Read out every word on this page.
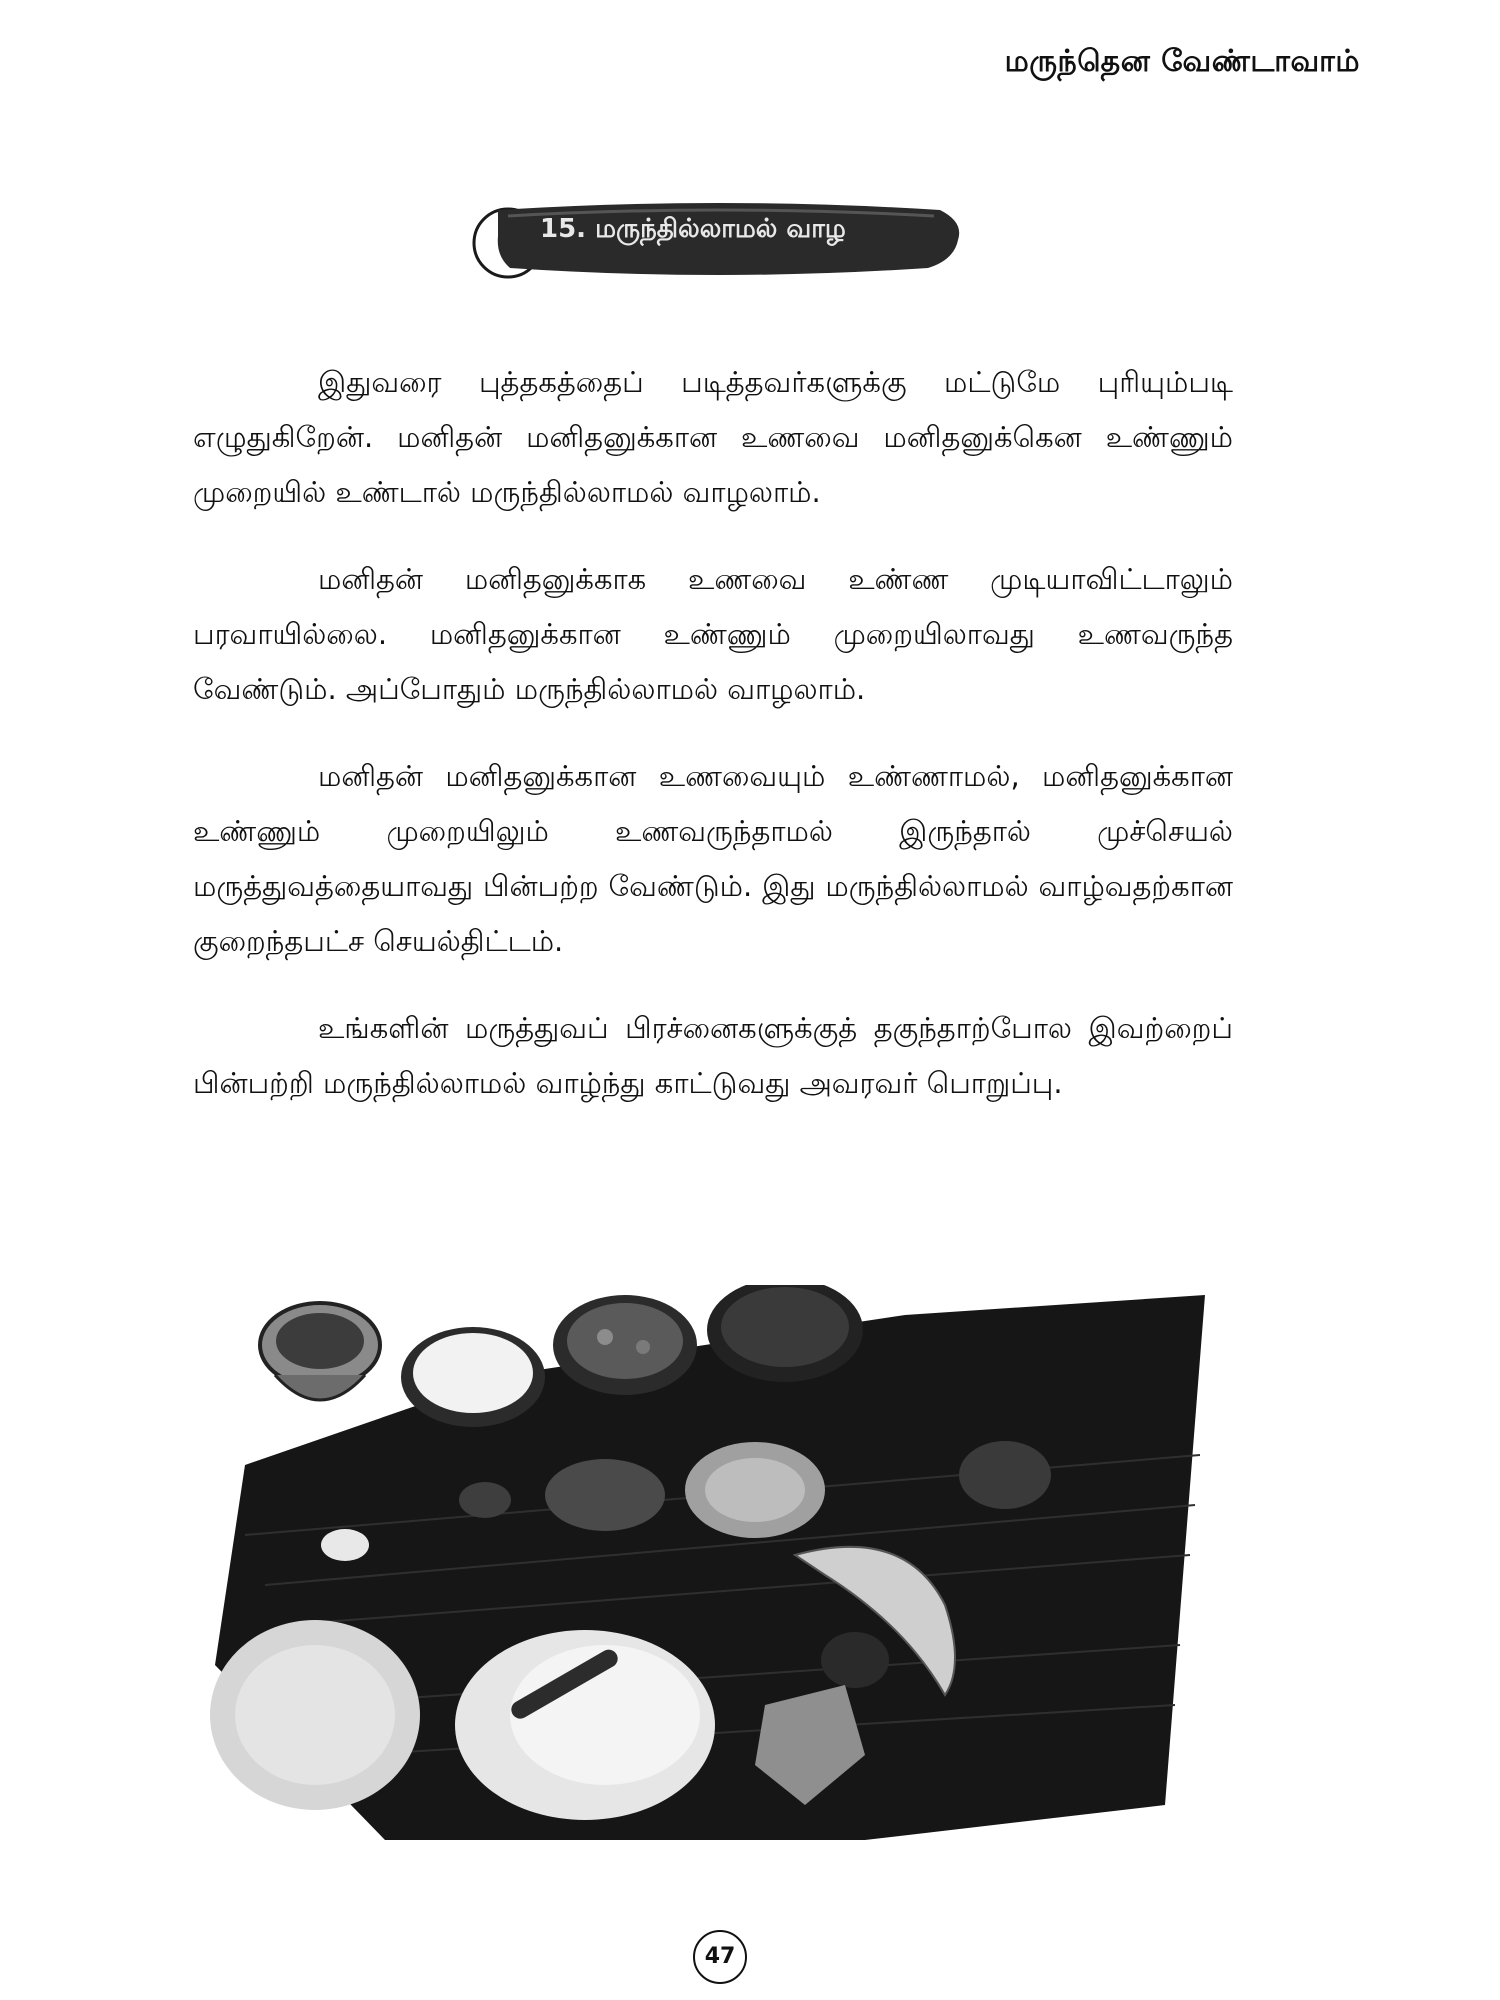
மருந்தென வேண்டாவாம்
15. மருந்தில்லாமல் வாழ

இதுவரை புத்தகத்தைப் படித்தவர்களுக்கு மட்டுமே புரியும்படி எழுதுகிறேன். மனிதன் மனிதனுக்கான உணவை மனிதனுக்கென உண்ணும் முறையில் உண்டால் மருந்தில்லாமல் வாழலாம்.

மனிதன் மனிதனுக்காக உணவை உண்ண முடியாவிட்டாலும் பரவாயில்லை. மனிதனுக்கான உண்ணும் முறையிலாவது உணவருந்த வேண்டும். அப்போதும் மருந்தில்லாமல் வாழலாம்.

மனிதன் மனிதனுக்கான உணவையும் உண்ணாமல், மனிதனுக்கான உண்ணும் முறையிலும் உணவருந்தாமல் இருந்தால் முச்செயல் மருத்துவத்தையாவது பின்பற்ற வேண்டும். இது மருந்தில்லாமல் வாழ்வதற்கான குறைந்தபட்ச செயல்திட்டம்.

உங்களின் மருத்துவப் பிரச்னைகளுக்குத் தகுந்தாற்போல இவற்றைப் பின்பற்றி மருந்தில்லாமல் வாழ்ந்து காட்டுவது அவரவர் பொறுப்பு.

47
